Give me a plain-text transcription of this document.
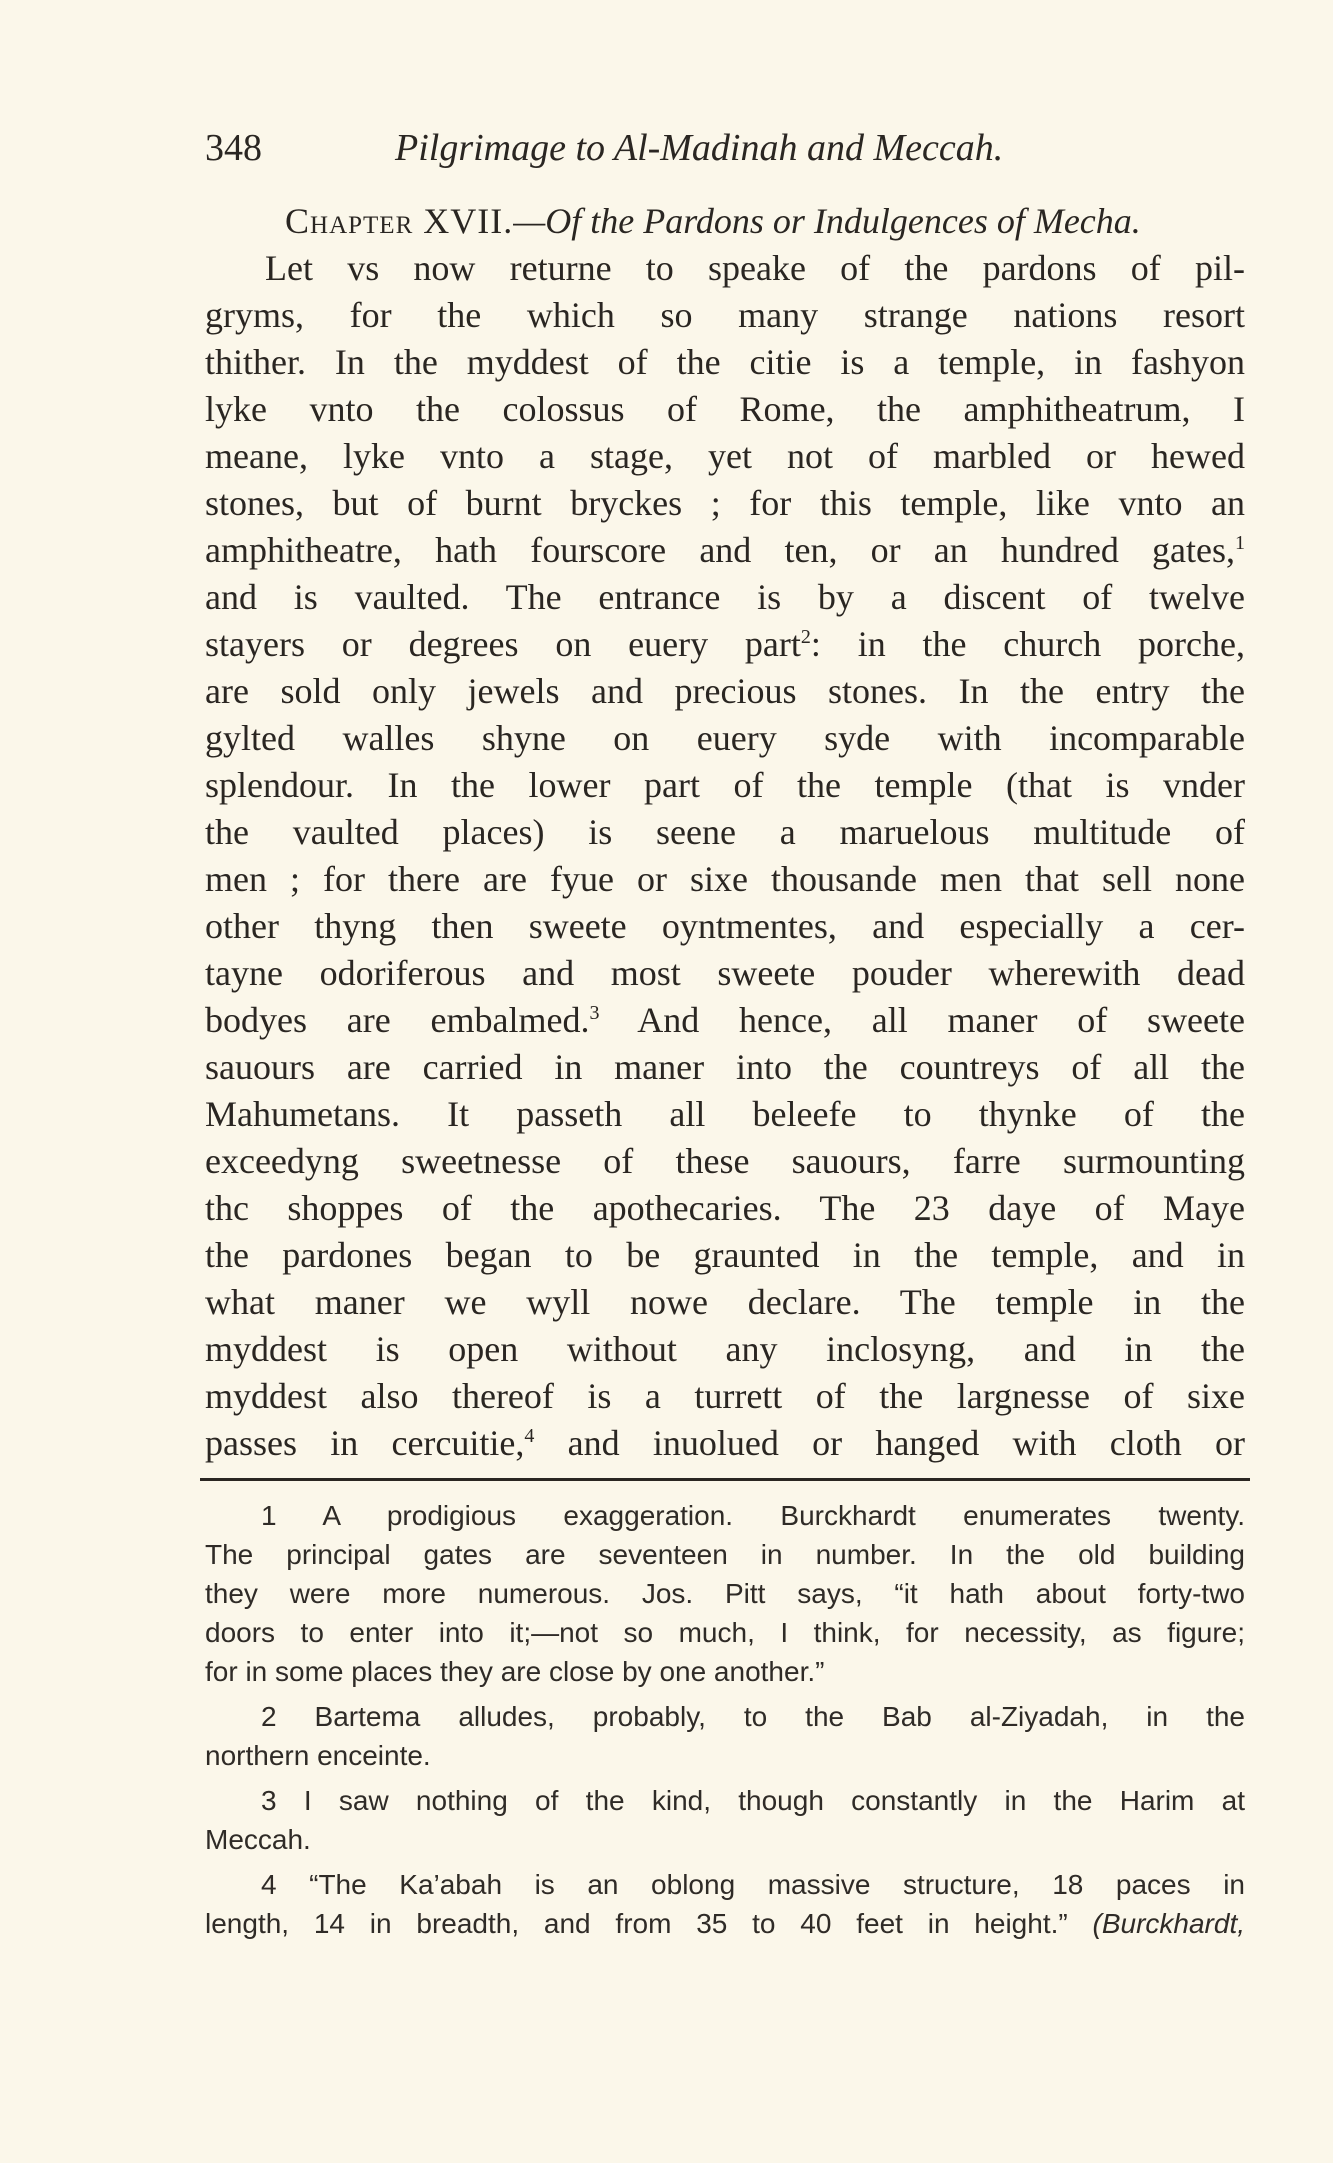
348	Pilgrimage to Al-Madinah and Meccah.
Chapter XVII.—Of the Pardons or Indulgences of Mecha.
Let vs now returne to speake of the pardons of pil-
gryms, for the which so many strange nations resort
thither. In the myddest of the citie is a temple, in fashyon
lyke vnto the colossus of Rome, the amphitheatrum, I
meane, lyke vnto a stage, yet not of marbled or hewed
stones, but of burnt bryckes ; for this temple, like vnto an
amphitheatre, hath fourscore and ten, or an hundred gates,$^1$
and is vaulted. The entrance is by a discent of twelve
stayers or degrees on euery part$^2$: in the church porche,
are sold only jewels and precious stones. In the entry the
gylted walles shyne on euery syde with incomparable
splendour. In the lower part of the temple (that is vnder
the vaulted places) is seene a maruelous multitude of
men ; for there are fyue or sixe thousande men that sell none
other thyng then sweete oyntmentes, and especially a cer-
tayne odoriferous and most sweete pouder wherewith dead
bodyes are embalmed.$^3$ And hence, all maner of sweete
sauours are carried in maner into the countreys of all the
Mahumetans. It passeth all beleefe to thynke of the
exceedyng sweetnesse of these sauours, farre surmounting
thc shoppes of the apothecaries. The 23 daye of Maye
the pardones began to be graunted in the temple, and in
what maner we wyll nowe declare. The temple in the
myddest is open without any inclosyng, and in the
myddest also thereof is a turrett of the largnesse of sixe
passes in cercuitie,$^4$ and inuolued or hanged with cloth or
1 A prodigious exaggeration. Burckhardt enumerates twenty.
The principal gates are seventeen in number. In the old building
they were more numerous. Jos. Pitt says, “it hath about forty-two
doors to enter into it;—not so much, I think, for necessity, as figure;
for in some places they are close by one another.”
2 Bartema alludes, probably, to the Bab al-Ziyadah, in the
northern enceinte.
3 I saw nothing of the kind, though constantly in the Harim at
Meccah.
4 “The Ka’abah is an oblong massive structure, 18 paces in
length, 14 in breadth, and from 35 to 40 feet in height.” (Burckhardt,
